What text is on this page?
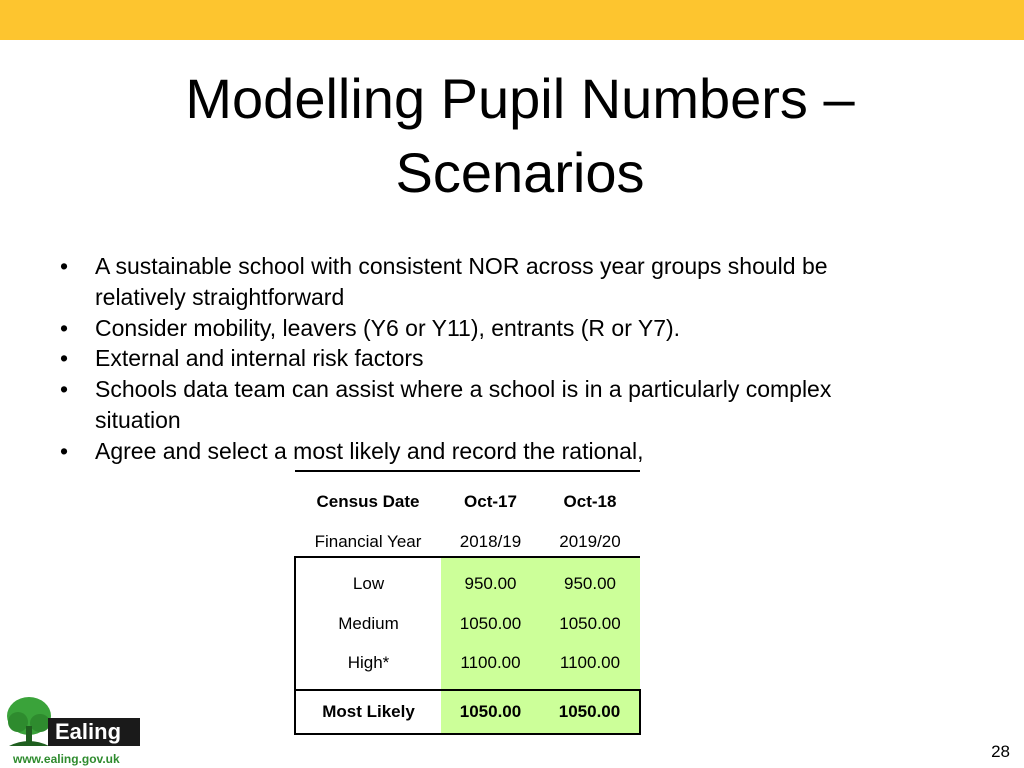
Modelling Pupil Numbers –
Scenarios
• A sustainable school with consistent NOR across year groups should be
relatively straightforward
• Consider mobility, leavers (Y6 or Y11), entrants (R or Y7).
• External and internal risk factors
• Schools data team can assist where a school is in a particularly complex
situation
• Agree and select a most likely and record the rational,
Census Date	Oct-17	Oct-18
Financial Year	2018/19	2019/20
Low	950.00	950.00
Medium	1050.00	1050.00
High*	1100.00	1100.00
Most Likely	1050.00	1050.00
Ealing
www.ealing.gov.uk	28
